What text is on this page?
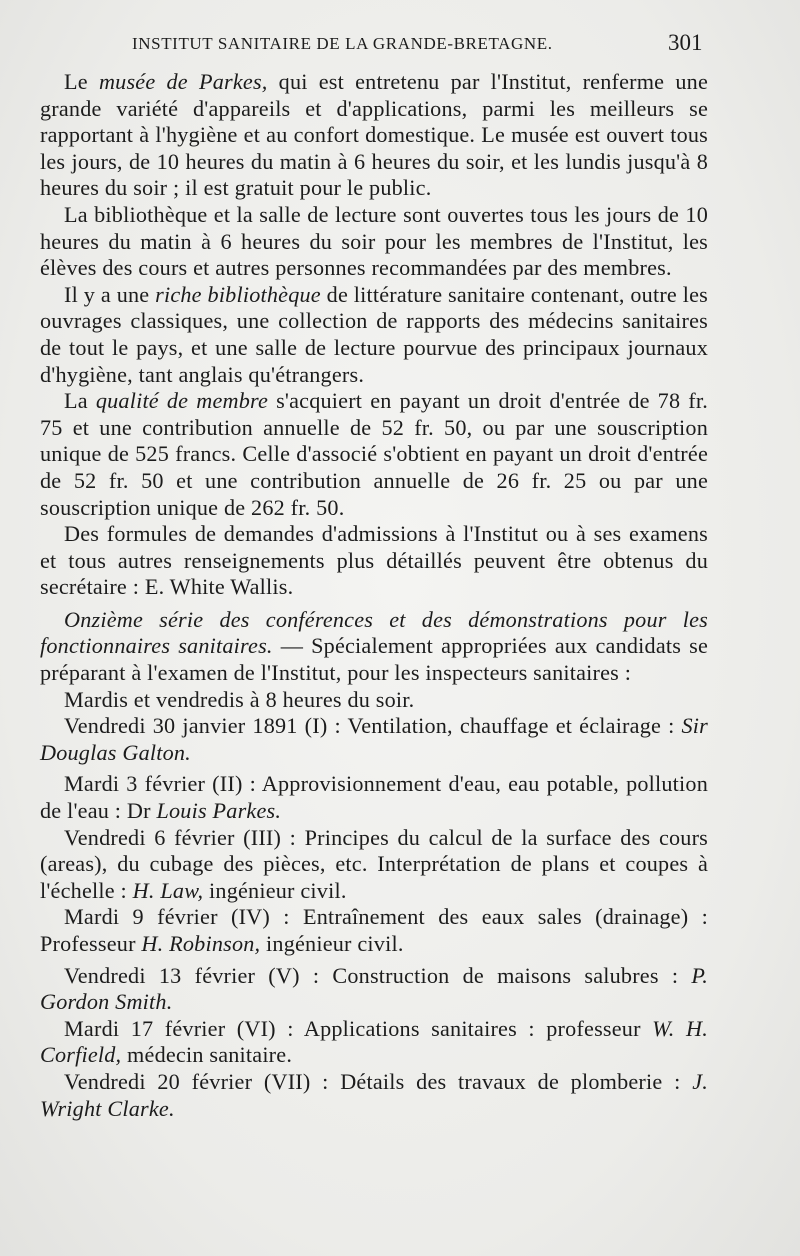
INSTITUT SANITAIRE DE LA GRANDE-BRETAGNE.	301

Le musée de Parkes, qui est entretenu par l'Institut, renferme une grande variété d'appareils et d'applications, parmi les meilleurs se rapportant à l'hygiène et au confort domestique. Le musée est ouvert tous les jours, de 10 heures du matin à 6 heures du soir, et les lundis jusqu'à 8 heures du soir ; il est gratuit pour le public.

La bibliothèque et la salle de lecture sont ouvertes tous les jours de 10 heures du matin à 6 heures du soir pour les membres de l'Institut, les élèves des cours et autres personnes recommandées par des membres.

Il y a une riche bibliothèque de littérature sanitaire contenant, outre les ouvrages classiques, une collection de rapports des médecins sanitaires de tout le pays, et une salle de lecture pourvue des principaux journaux d'hygiène, tant anglais qu'étrangers.

La qualité de membre s'acquiert en payant un droit d'entrée de 78 fr. 75 et une contribution annuelle de 52 fr. 50, ou par une souscription unique de 525 francs. Celle d'associé s'obtient en payant un droit d'entrée de 52 fr. 50 et une contribution annuelle de 26 fr. 25 ou par une souscription unique de 262 fr. 50.

Des formules de demandes d'admissions à l'Institut ou à ses examens et tous autres renseignements plus détaillés peuvent être obtenus du secrétaire : E. White Wallis.

Onzième série des conférences et des démonstrations pour les fonctionnaires sanitaires. — Spécialement appropriées aux candidats se préparant à l'examen de l'Institut, pour les inspecteurs sanitaires :

Mardis et vendredis à 8 heures du soir.

Vendredi 30 janvier 1891 (I) : Ventilation, chauffage et éclairage : Sir Douglas Galton.

Mardi 3 février (II) : Approvisionnement d'eau, eau potable, pollution de l'eau : Dr Louis Parkes.

Vendredi 6 février (III) : Principes du calcul de la surface des cours (areas), du cubage des pièces, etc. Interprétation de plans et coupes à l'échelle : H. Law, ingénieur civil.

Mardi 9 février (IV) : Entraînement des eaux sales (drainage) : Professeur H. Robinson, ingénieur civil.

Vendredi 13 février (V) : Construction de maisons salubres : P. Gordon Smith.

Mardi 17 février (VI) : Applications sanitaires : professeur W. H. Corfield, médecin sanitaire.

Vendredi 20 février (VII) : Détails des travaux de plomberie : J. Wright Clarke.
